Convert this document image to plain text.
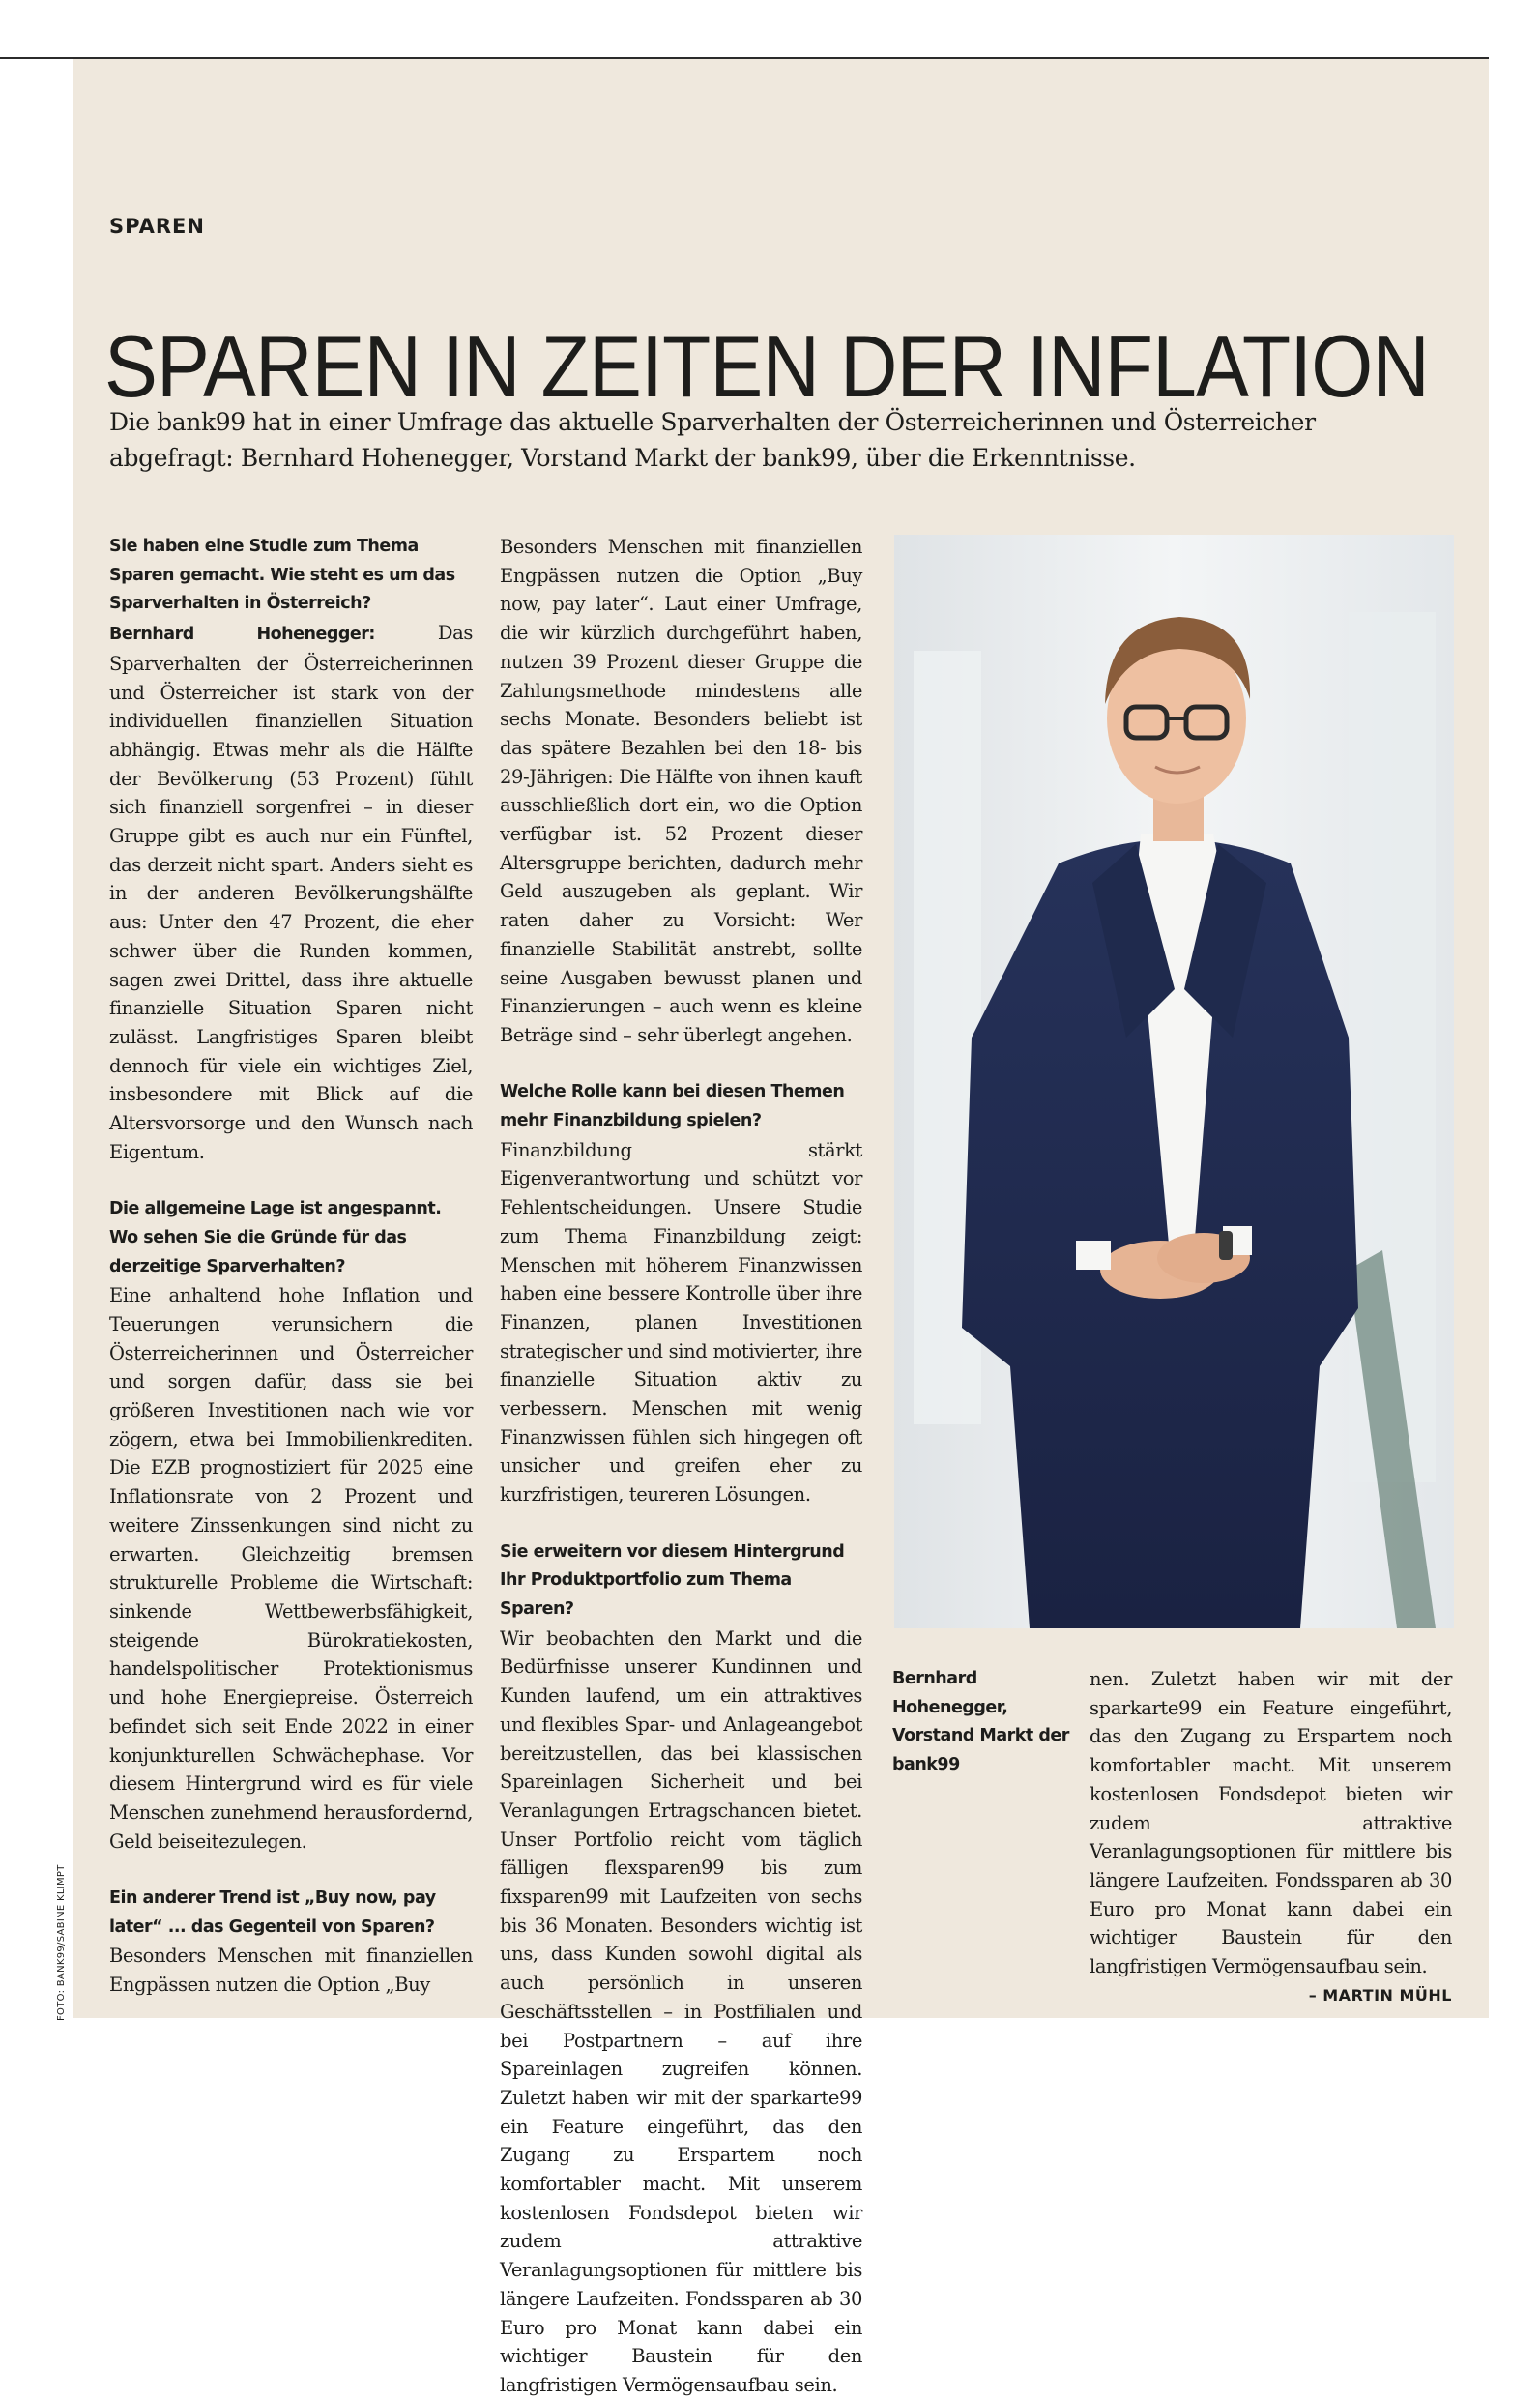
SPAREN
SPAREN IN ZEITEN DER INFLATION

Die bank99 hat in einer Umfrage das aktuelle Sparverhalten der Österreicherinnen und Österreicher abgefragt: Bernhard Hohenegger, Vorstand Markt der bank99, über die Erkenntnisse.

Sie haben eine Studie zum Thema Sparen gemacht. Wie steht es um das Sparverhalten in Österreich?

Bernhard Hohenegger:	Das Sparverhalten der Österreicherinnen und Österreicher ist stark von der individuellen finanziellen Situation abhängig. Etwas mehr als die Hälfte der Bevölkerung (53 Prozent) fühlt sich finanziell sorgenfrei – in dieser Gruppe gibt es auch nur ein Fünftel, das derzeit nicht spart. Anders sieht es in der anderen Bevölkerungshälfte aus: Unter den 47 Prozent, die eher schwer über die Runden kommen, sagen zwei Drittel, dass ihre aktuelle finanzielle Situation Sparen nicht zulässt. Langfristiges Sparen bleibt dennoch für viele ein wichtiges Ziel, insbesondere mit Blick auf die Altersvorsorge und den Wunsch nach Eigentum.

Die allgemeine Lage ist angespannt. Wo sehen Sie die Gründe für das derzeitige Sparverhalten?

Eine anhaltend hohe Inflation und Teuerungen verunsichern die Österreicherinnen und Österreicher und sorgen dafür, dass sie bei größeren Investitionen nach wie vor zögern, etwa bei Immobilienkrediten. Die EZB prognostiziert für 2025 eine Inflationsrate von 2 Prozent und weitere Zinssenkungen sind nicht zu erwarten. Gleichzeitig bremsen strukturelle Probleme die Wirtschaft: sinkende Wettbewerbsfähigkeit, steigende Bürokratiekosten, handelspolitischer Protektionismus und hohe Energiepreise. Österreich befindet sich seit Ende 2022 in einer konjunkturellen Schwächephase. Vor diesem Hintergrund wird es für viele Menschen zunehmend herausfordernd, Geld beiseitezulegen.

Ein anderer Trend ist „Buy now, pay later“ ... das Gegenteil von Sparen?

Besonders Menschen mit finanziellen Engpässen nutzen die Option „Buy

Besonders Menschen mit finanziellen Engpässen nutzen die Option „Buy now, pay later“. Laut einer Umfrage, die wir kürzlich durchgeführt haben, nutzen 39 Prozent dieser Gruppe die Zahlungsmethode mindestens alle sechs Monate. Besonders beliebt ist das spätere Bezahlen bei den 18- bis 29-Jährigen: Die Hälfte von ihnen kauft ausschließlich dort ein, wo die Option verfügbar ist. 52 Prozent dieser Altersgruppe berichten, dadurch mehr Geld auszugeben als geplant. Wir raten daher zu Vorsicht: Wer finanzielle Stabilität anstrebt, sollte seine Ausgaben bewusst planen und Finanzierungen – auch wenn es kleine Beträge sind – sehr überlegt angehen.

Welche Rolle kann bei diesen Themen mehr Finanzbildung spielen?

Finanzbildung stärkt Eigenverantwortung und schützt vor Fehlentscheidungen. Unsere Studie zum Thema Finanzbildung zeigt: Menschen mit höherem Finanzwissen haben eine bessere Kontrolle über ihre Finanzen, planen Investitionen strategischer und sind motivierter, ihre finanzielle Situation aktiv zu verbessern. Menschen mit wenig Finanzwissen fühlen sich hingegen oft unsicher und greifen eher zu kurzfristigen, teureren Lösungen.

Sie erweitern vor diesem Hintergrund Ihr Produktportfolio zum Thema Sparen?

Wir beobachten den Markt und die Bedürfnisse unserer Kundinnen und Kunden laufend, um ein attraktives und flexibles Spar- und Anlageangebot bereitzustellen, das bei klassischen Spareinlagen Sicherheit und bei Veranlagungen Ertragschancen bietet. Unser Portfolio reicht vom täglich fälligen flexsparen99 bis zum fixsparen99 mit Laufzeiten von sechs bis 36 Monaten. Besonders wichtig ist uns, dass Kunden sowohl digital als auch persönlich in unseren Geschäftsstellen – in Postfilialen und bei Postpartnern – auf ihre Spareinlagen zugreifen können. Zuletzt haben wir mit der sparkarte99 ein Feature eingeführt, das den Zugang zu Erspartem noch komfortabler macht. Mit unserem kostenlosen Fondsdepot bieten wir zudem attraktive Veranlagungsoptionen für mittlere bis längere Laufzeiten. Fondssparen ab 30 Euro pro Monat kann dabei ein wichtiger Baustein für den langfristigen Vermögensaufbau sein.

Bernhard Hohenegger, Vorstand Markt der bank99

nen. Zuletzt haben wir mit der sparkarte99 ein Feature eingeführt, das den Zugang zu Erspartem noch komfortabler macht. Mit unserem kostenlosen Fondsdepot bieten wir zudem attraktive Veranlagungsoptionen für mittlere bis längere Laufzeiten. Fondssparen ab 30 Euro pro Monat kann dabei ein wichtiger Baustein für den langfristigen Vermögensaufbau sein.
– MARTIN MÜHL

FOTO: BANK99/SABINE KLIMPT
